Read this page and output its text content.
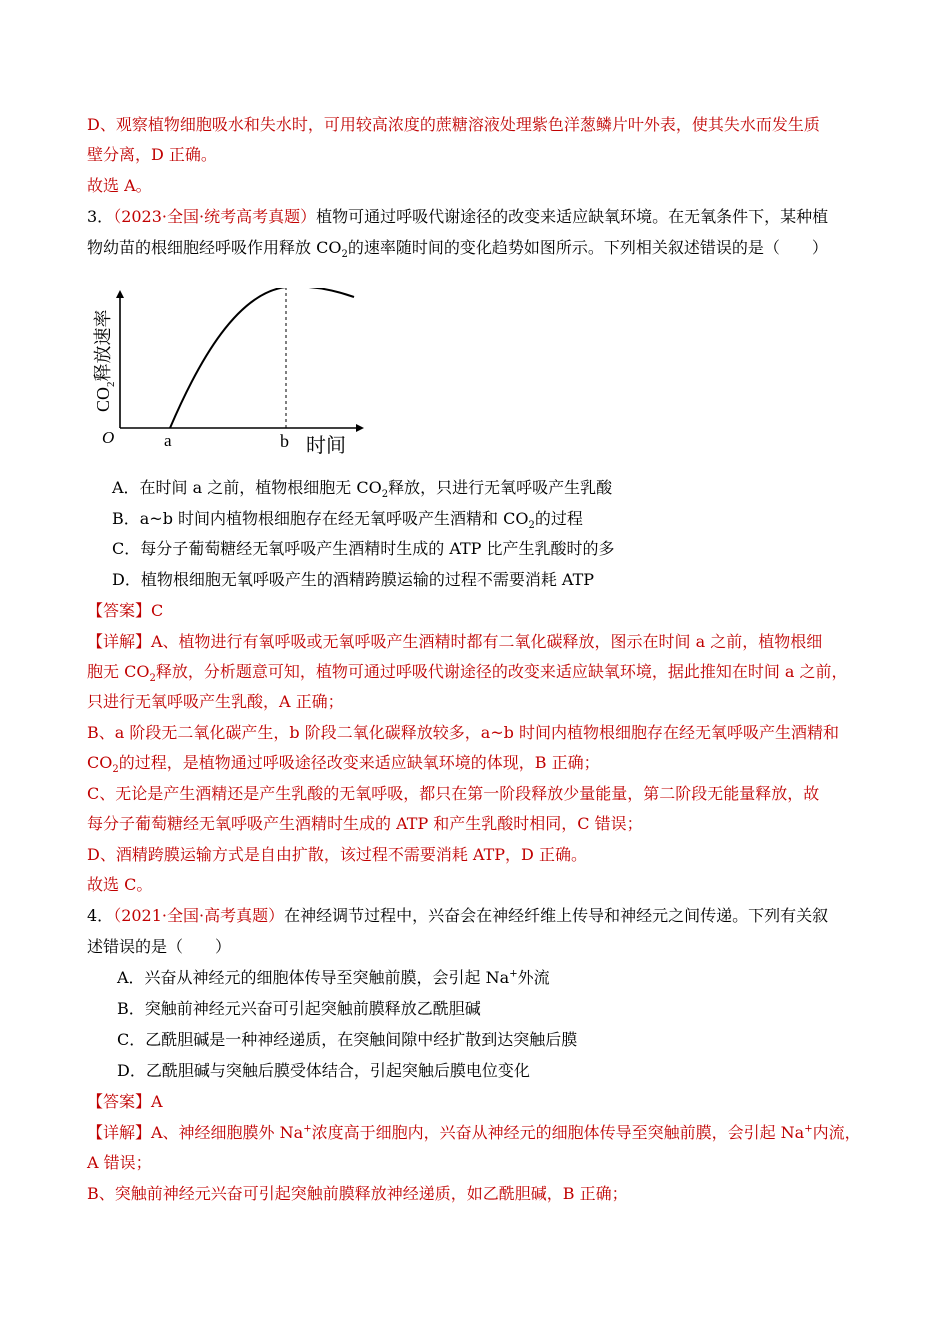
D、观察植物细胞吸水和失水时，可用较高浓度的蔗糖溶液处理紫色洋葱鳞片叶外表，使其失水而发生质
壁分离，D 正确。
故选 A。
3．（2023·全国·统考高考真题）植物可通过呼吸代谢途径的改变来适应缺氧环境。在无氧条件下，某种植
物幼苗的根细胞经呼吸作用释放 $CO_2$的速率随时间的变化趋势如图所示。下列相关叙述错误的是（　　）
O	a	b 时间
$CO_2$释放速率
A．在时间 a 之前，植物根细胞无 $CO_2$释放，只进行无氧呼吸产生乳酸
B．a~b 时间内植物根细胞存在经无氧呼吸产生酒精和 $CO_2$的过程
C．每分子葡萄糖经无氧呼吸产生酒精时生成的 ATP 比产生乳酸时的多
D．植物根细胞无氧呼吸产生的酒精跨膜运输的过程不需要消耗 ATP
【答案】C
【详解】A、植物进行有氧呼吸或无氧呼吸产生酒精时都有二氧化碳释放，图示在时间 a 之前，植物根细
胞无 $CO_2$释放，分析题意可知，植物可通过呼吸代谢途径的改变来适应缺氧环境，据此推知在时间 a 之前，
只进行无氧呼吸产生乳酸，A 正确；
B、a 阶段无二氧化碳产生，b 阶段二氧化碳释放较多，a~b 时间内植物根细胞存在经无氧呼吸产生酒精和
$CO_2$的过程，是植物通过呼吸途径改变来适应缺氧环境的体现，B 正确；
C、无论是产生酒精还是产生乳酸的无氧呼吸，都只在第一阶段释放少量能量，第二阶段无能量释放，故
每分子葡萄糖经无氧呼吸产生酒精时生成的 ATP 和产生乳酸时相同，C 错误；
D、酒精跨膜运输方式是自由扩散，该过程不需要消耗 ATP，D 正确。
故选 C。
4．（2021·全国·高考真题）在神经调节过程中，兴奋会在神经纤维上传导和神经元之间传递。下列有关叙
述错误的是（　　）
A．兴奋从神经元的细胞体传导至突触前膜，会引起 Na+外流
B．突触前神经元兴奋可引起突触前膜释放乙酰胆碱
C．乙酰胆碱是一种神经递质，在突触间隙中经扩散到达突触后膜
D．乙酰胆碱与突触后膜受体结合，引起突触后膜电位变化
【答案】A
【详解】A、神经细胞膜外 Na+浓度高于细胞内，兴奋从神经元的细胞体传导至突触前膜，会引起 Na+内流，
A 错误；
B、突触前神经元兴奋可引起突触前膜释放神经递质，如乙酰胆碱，B 正确；
